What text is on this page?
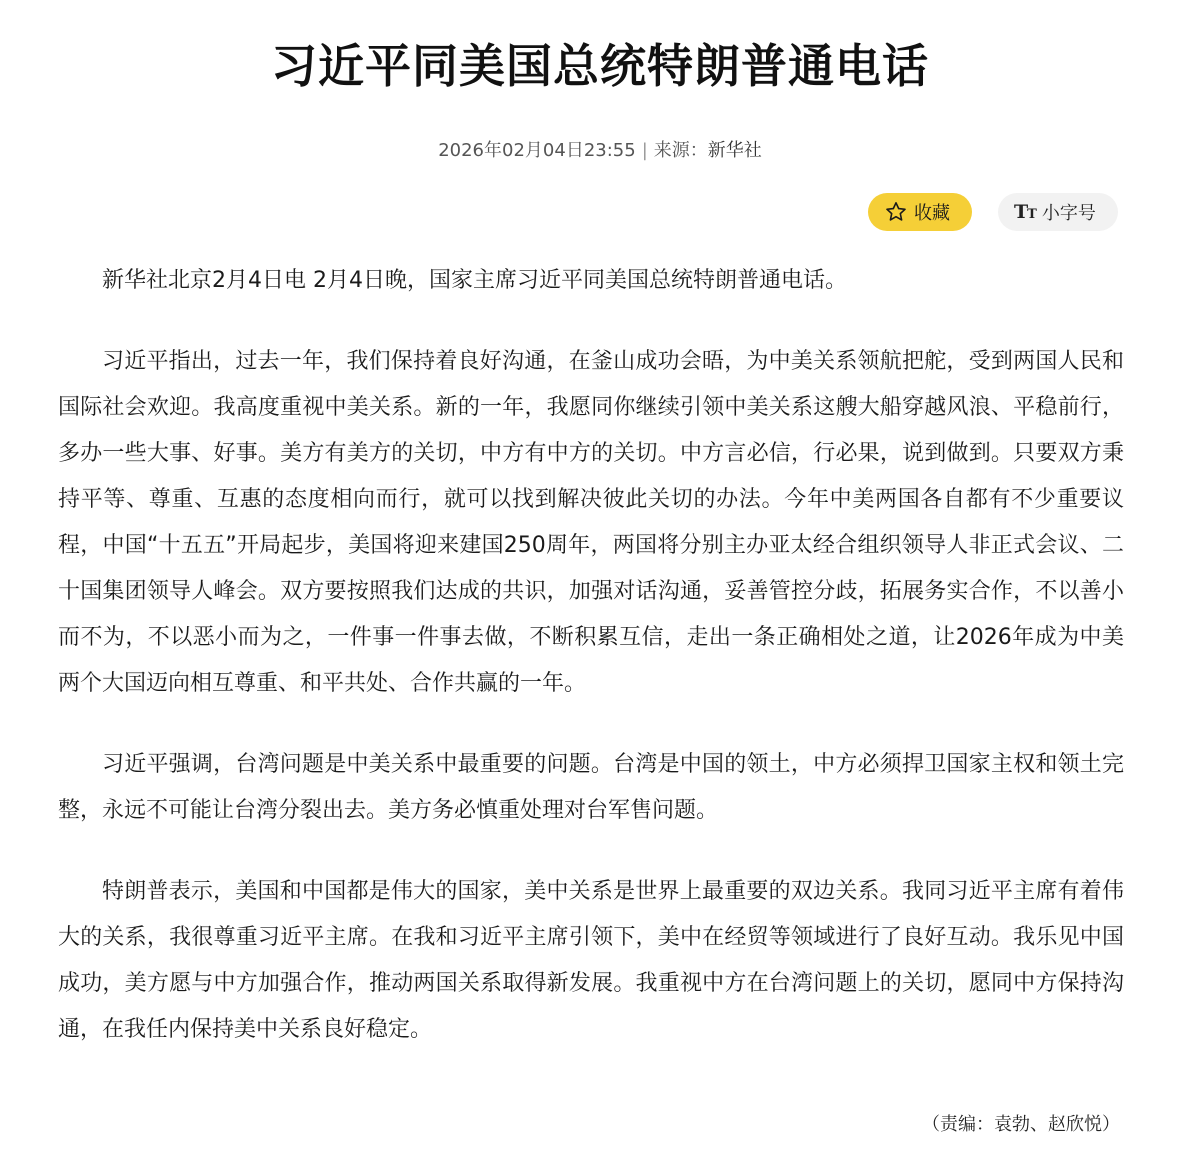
习近平同美国总统特朗普通电话
2026年02月04日23:55 | 来源：新华社
收藏	TT 小字号

新华社北京2月4日电 2月4日晚，国家主席习近平同美国总统特朗普通电话。

习近平指出，过去一年，我们保持着良好沟通，在釜山成功会晤，为中美关系领航把舵，受到两国人民和国际社会欢迎。我高度重视中美关系。新的一年，我愿同你继续引领中美关系这艘大船穿越风浪、平稳前行，多办一些大事、好事。美方有美方的关切，中方有中方的关切。中方言必信，行必果，说到做到。只要双方秉持平等、尊重、互惠的态度相向而行，就可以找到解决彼此关切的办法。今年中美两国各自都有不少重要议程，中国“十五五”开局起步，美国将迎来建国250周年，两国将分别主办亚太经合组织领导人非正式会议、二十国集团领导人峰会。双方要按照我们达成的共识，加强对话沟通，妥善管控分歧，拓展务实合作，不以善小而不为，不以恶小而为之，一件事一件事去做，不断积累互信，走出一条正确相处之道，让2026年成为中美两个大国迈向相互尊重、和平共处、合作共赢的一年。

习近平强调，台湾问题是中美关系中最重要的问题。台湾是中国的领土，中方必须捍卫国家主权和领土完整，永远不可能让台湾分裂出去。美方务必慎重处理对台军售问题。

特朗普表示，美国和中国都是伟大的国家，美中关系是世界上最重要的双边关系。我同习近平主席有着伟大的关系，我很尊重习近平主席。在我和习近平主席引领下，美中在经贸等领域进行了良好互动。我乐见中国成功，美方愿与中方加强合作，推动两国关系取得新发展。我重视中方在台湾问题上的关切，愿同中方保持沟通，在我任内保持美中关系良好稳定。

（责编：袁勃、赵欣悦）
